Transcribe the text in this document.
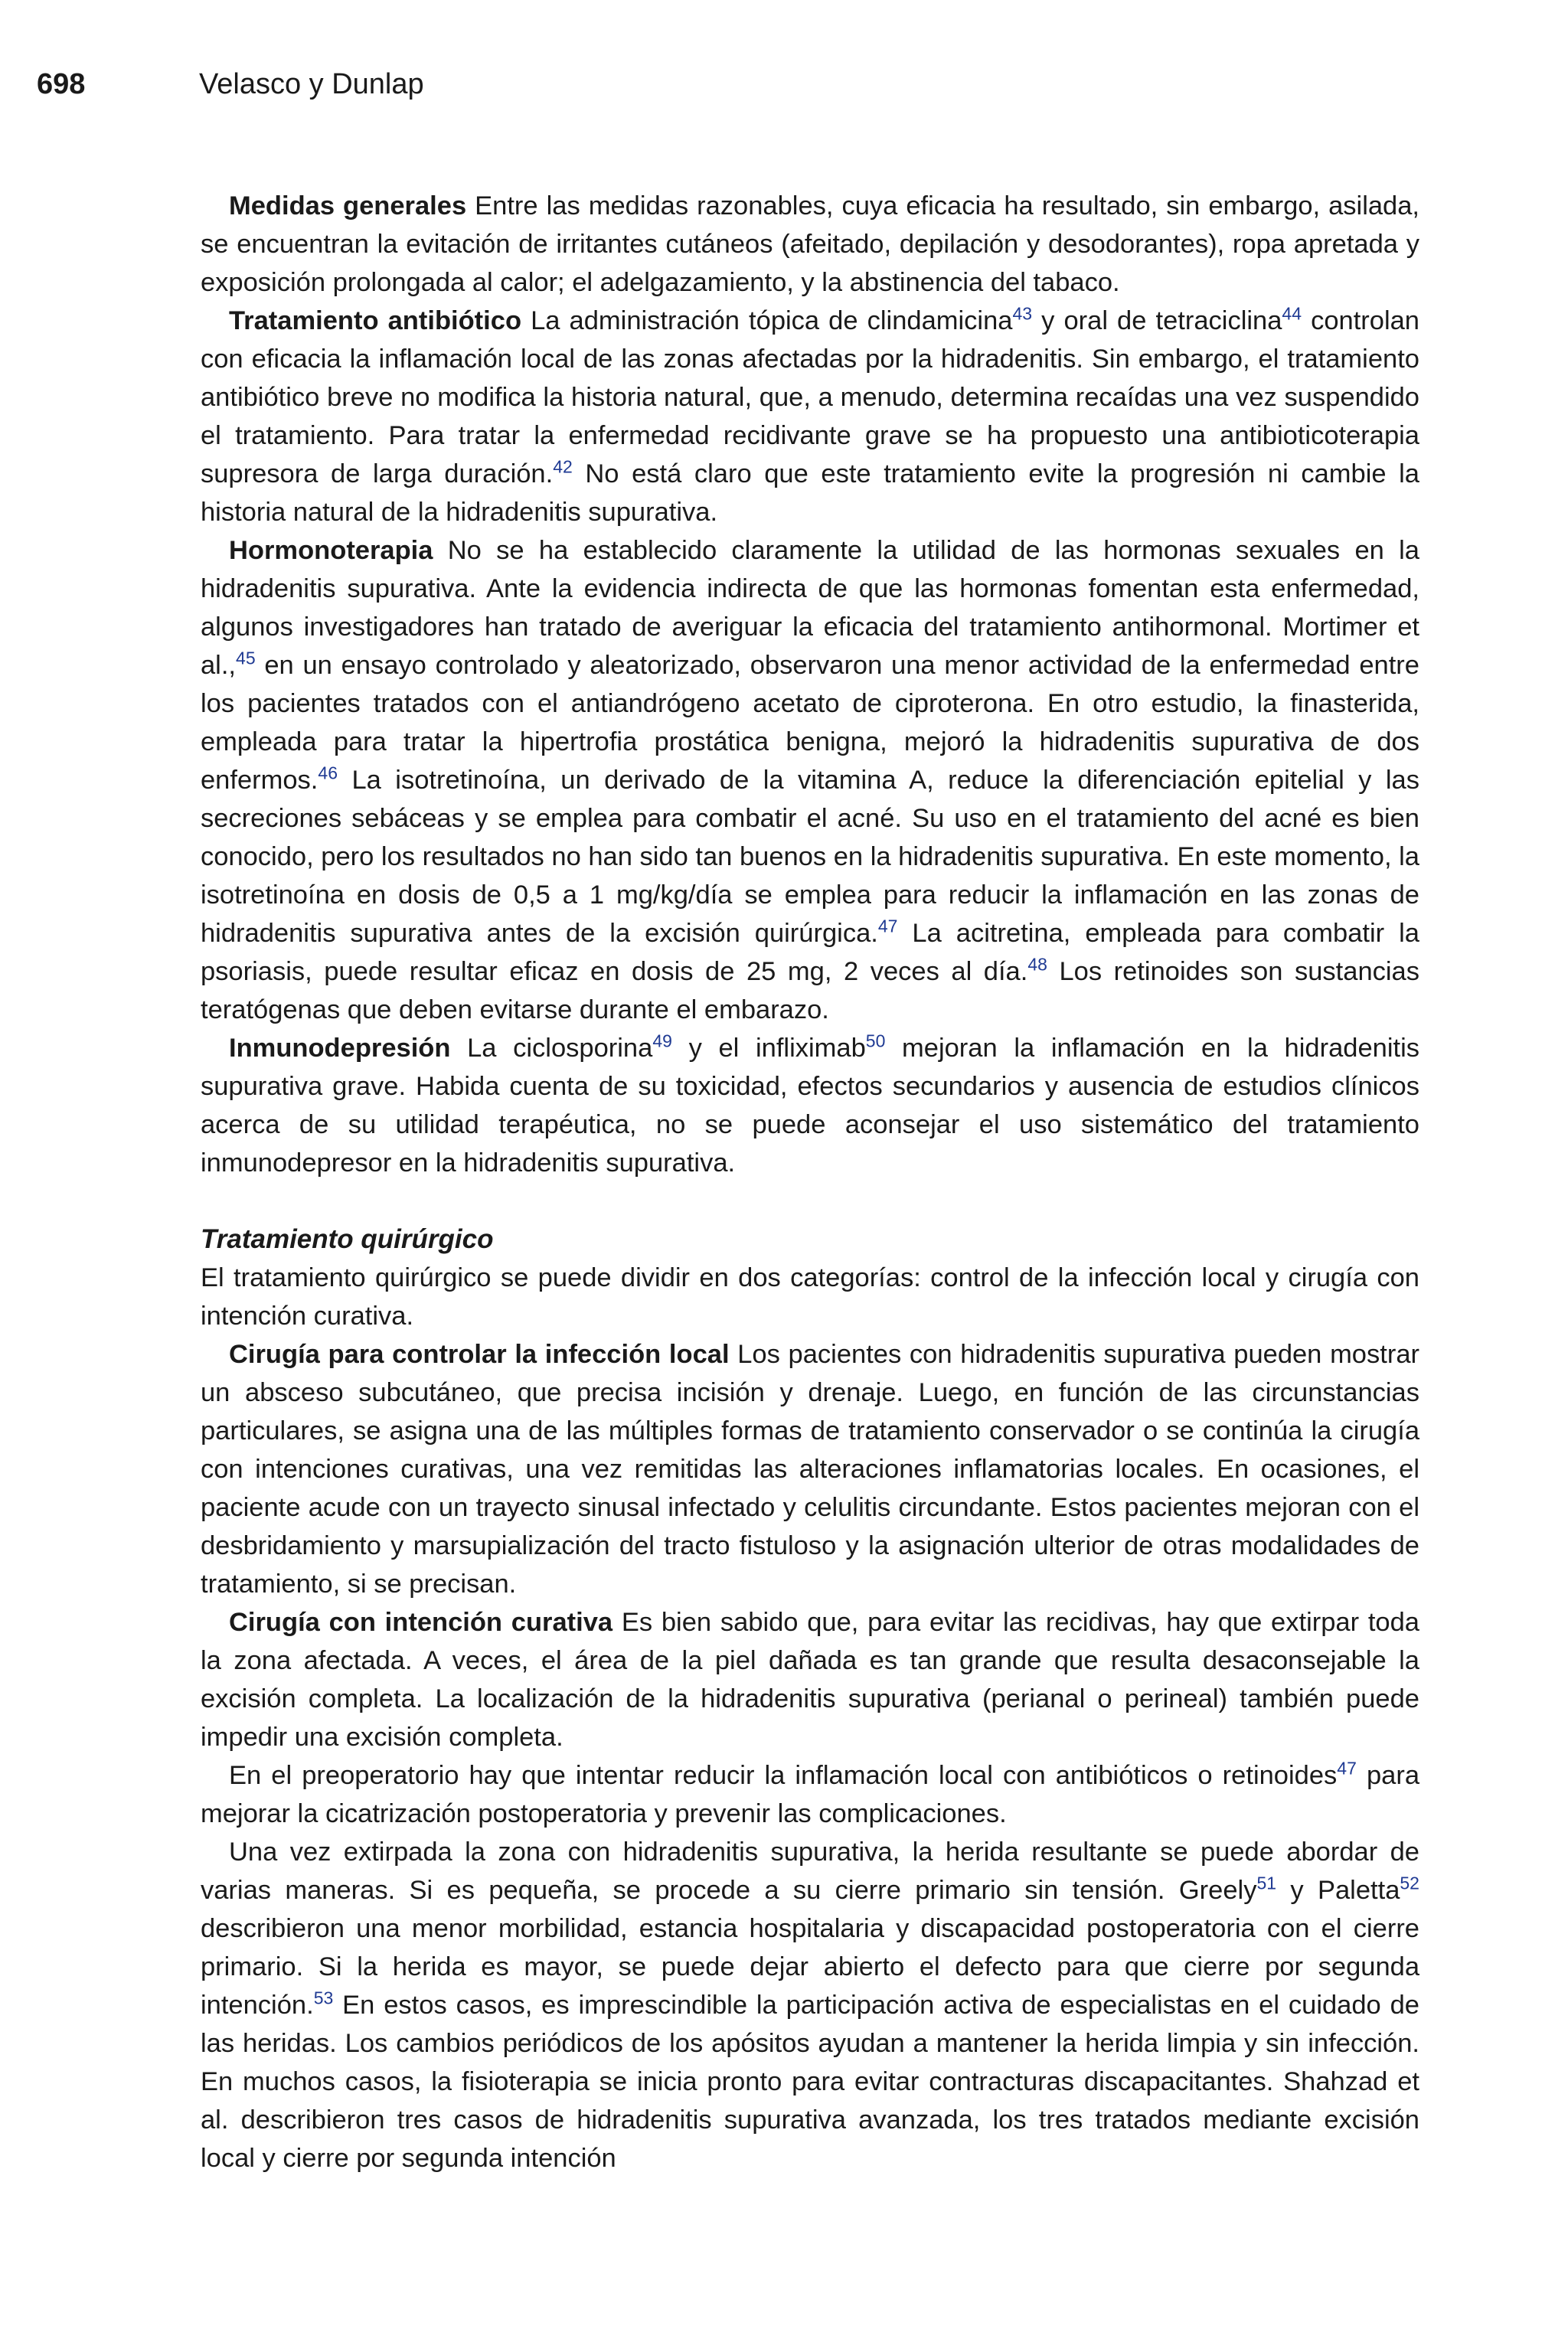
698	Velasco y Dunlap

Medidas generales Entre las medidas razonables, cuya eficacia ha resultado, sin embargo, asilada, se encuentran la evitación de irritantes cutáneos (afeitado, depilación y desodorantes), ropa apretada y exposición prolongada al calor; el adelgazamiento, y la abstinencia del tabaco.

Tratamiento antibiótico La administración tópica de clindamicina$^{43}$ y oral de tetraciclina$^{44}$ controlan con eficacia la inflamación local de las zonas afectadas por la hidradenitis. Sin embargo, el tratamiento antibiótico breve no modifica la historia natural, que, a menudo, determina recaídas una vez suspendido el tratamiento. Para tratar la enfermedad recidivante grave se ha propuesto una antibioticoterapia supresora de larga duración.$^{42}$ No está claro que este tratamiento evite la progresión ni cambie la historia natural de la hidradenitis supurativa.

Hormonoterapia No se ha establecido claramente la utilidad de las hormonas sexuales en la hidradenitis supurativa. Ante la evidencia indirecta de que las hormonas fomentan esta enfermedad, algunos investigadores han tratado de averiguar la eficacia del tratamiento antihormonal. Mortimer et al.,$^{45}$ en un ensayo controlado y aleatorizado, observaron una menor actividad de la enfermedad entre los pacientes tratados con el antiandrógeno acetato de ciproterona. En otro estudio, la finasterida, empleada para tratar la hipertrofia prostática benigna, mejoró la hidradenitis supurativa de dos enfermos.$^{46}$ La isotretinoína, un derivado de la vitamina A, reduce la diferenciación epitelial y las secreciones sebáceas y se emplea para combatir el acné. Su uso en el tratamiento del acné es bien conocido, pero los resultados no han sido tan buenos en la hidradenitis supurativa. En este momento, la isotretinoína en dosis de 0,5 a 1 mg/kg/día se emplea para reducir la inflamación en las zonas de hidradenitis supurativa antes de la excisión quirúrgica.$^{47}$ La acitretina, empleada para combatir la psoriasis, puede resultar eficaz en dosis de 25 mg, 2 veces al día.$^{48}$ Los retinoides son sustancias teratógenas que deben evitarse durante el embarazo.

Inmunodepresión La ciclosporina$^{49}$ y el infliximab$^{50}$ mejoran la inflamación en la hidradenitis supurativa grave. Habida cuenta de su toxicidad, efectos secundarios y ausencia de estudios clínicos acerca de su utilidad terapéutica, no se puede aconsejar el uso sistemático del tratamiento inmunodepresor en la hidradenitis supurativa.

Tratamiento quirúrgico

El tratamiento quirúrgico se puede dividir en dos categorías: control de la infección local y cirugía con intención curativa.

Cirugía para controlar la infección local Los pacientes con hidradenitis supurativa pueden mostrar un absceso subcutáneo, que precisa incisión y drenaje. Luego, en función de las circunstancias particulares, se asigna una de las múltiples formas de tratamiento conservador o se continúa la cirugía con intenciones curativas, una vez remitidas las alteraciones inflamatorias locales. En ocasiones, el paciente acude con un trayecto sinusal infectado y celulitis circundante. Estos pacientes mejoran con el desbridamiento y marsupialización del tracto fistuloso y la asignación ulterior de otras modalidades de tratamiento, si se precisan.

Cirugía con intención curativa Es bien sabido que, para evitar las recidivas, hay que extirpar toda la zona afectada. A veces, el área de la piel dañada es tan grande que resulta desaconsejable la excisión completa. La localización de la hidradenitis supurativa (perianal o perineal) también puede impedir una excisión completa.

En el preoperatorio hay que intentar reducir la inflamación local con antibióticos o retinoides$^{47}$ para mejorar la cicatrización postoperatoria y prevenir las complicaciones.

Una vez extirpada la zona con hidradenitis supurativa, la herida resultante se puede abordar de varias maneras. Si es pequeña, se procede a su cierre primario sin tensión. Greely$^{51}$ y Paletta$^{52}$ describieron una menor morbilidad, estancia hospitalaria y discapacidad postoperatoria con el cierre primario. Si la herida es mayor, se puede dejar abierto el defecto para que cierre por segunda intención.$^{53}$ En estos casos, es imprescindible la participación activa de especialistas en el cuidado de las heridas. Los cambios periódicos de los apósitos ayudan a mantener la herida limpia y sin infección. En muchos casos, la fisioterapia se inicia pronto para evitar contracturas discapacitantes. Shahzad et al. describieron tres casos de hidradenitis supurativa avanzada, los tres tratados mediante excisión local y cierre por segunda intención
